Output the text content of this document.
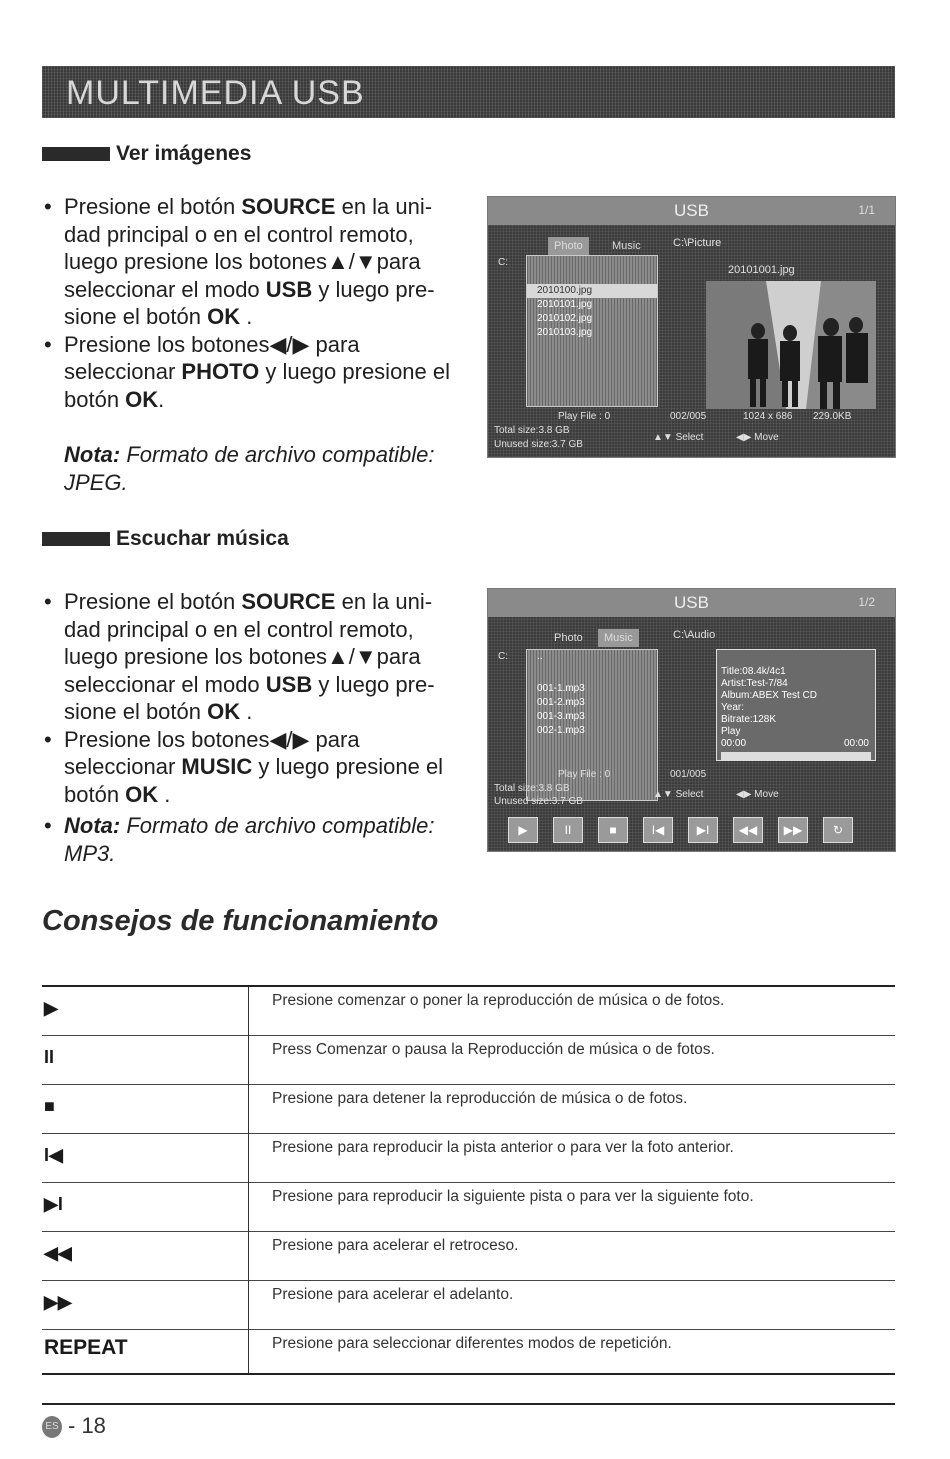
MULTIMEDIA USB
Ver imágenes

• Presione el botón SOURCE en la uni-dad principal o en el control remoto, luego presione los botones▲/▼para seleccionar el modo USB y luego pre-sione el botón OK .

• Presione los botones◀/▶ para seleccionar PHOTO y luego presione el botón OK.

Nota: Formato de archivo compatible: JPEG.

USB	1/1
Photo	Music
C:
C:\Picture
2010100.jpg
2010101.jpg
2010102.jpg
2010103.jpg
20101001.jpg
Play File : 0	002/005	1024 x 686 229.0KB
Total size:3.8 GB
Unused size:3.7 GB
▲▼ Select	◀▶ Move
Escuchar música

• Presione el botón SOURCE en la uni-dad principal o en el control remoto, luego presione los botones▲/▼para seleccionar el modo USB y luego pre-sione el botón OK .

• Presione los botones◀/▶ para seleccionar MUSIC y luego presione el botón OK .

• Nota: Formato de archivo compatible: MP3.

USB	1/2
Photo	Music
C:
C:\Audio
..
001-1.mp3
001-2.mp3
001-3.mp3
002-1.mp3
Title:08.4k/4c1
Artist:Test-7/84
Album:ABEX Test CD
Year:
Bitrate:128K
Play
00:00	00:00
Play File : 0	001/005
Total size:3.8 GB
Unused size:3.7 GB
▲▼ Select	◀▶ Move
▶	II	■	I◀	▶I	◀◀	▶▶	↻
Consejos de funcionamiento
▶	Presione comenzar o poner la reproducción de música o de fotos.
II	Press Comenzar o pausa la Reproducción de música o de fotos.
■	Presione para detener la reproducción de música o de fotos.
I◀	Presione para reproducir la pista anterior o para ver la foto anterior.
▶I	Presione para reproducir la siguiente pista o para ver la siguiente foto.
◀◀	Presione para acelerar el retroceso.
▶▶	Presione para acelerar el adelanto.
REPEAT	Presione para seleccionar diferentes modos de repetición.
ES - 18
